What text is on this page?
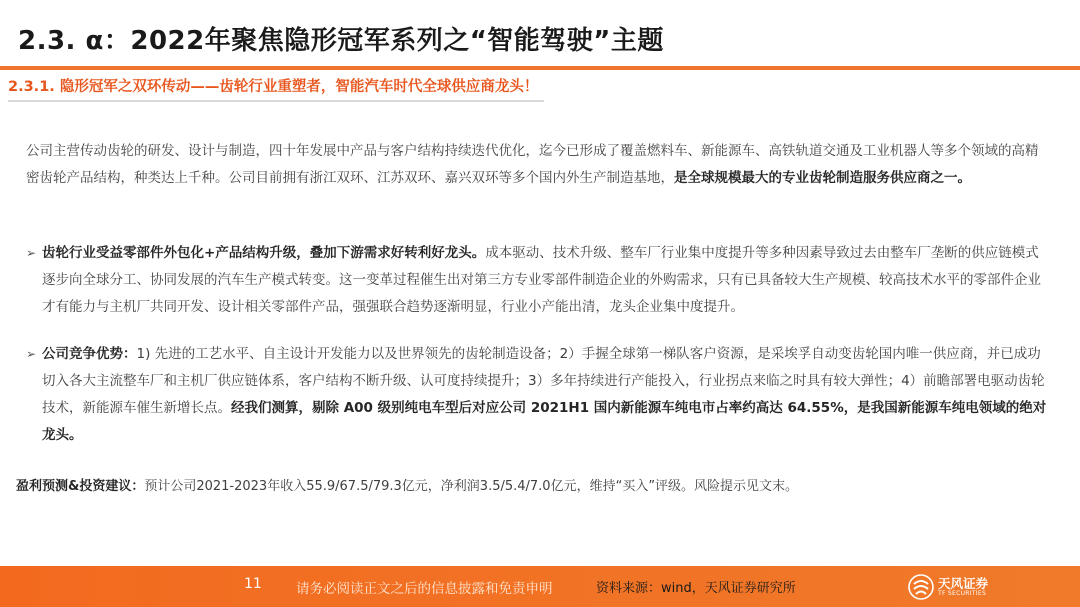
2.3. α：2022年聚焦隐形冠军系列之“智能驾驶”主题
2.3.1. 隐形冠军之双环传动——齿轮行业重塑者，智能汽车时代全球供应商龙头！

公司主营传动齿轮的研发、设计与制造，四十年发展中产品与客户结构持续迭代优化，迄今已形成了覆盖燃料车、新能源车、高铁轨道交通及工业机器人等多个领域的高精密齿轮产品结构，种类达上千种。公司目前拥有浙江双环、江苏双环、嘉兴双环等多个国内外生产制造基地，是全球规模最大的专业齿轮制造服务供应商之一。

➢ 齿轮行业受益零部件外包化+产品结构升级，叠加下游需求好转利好龙头。成本驱动、技术升级、整车厂行业集中度提升等多种因素导致过去由整车厂垄断的供应链模式逐步向全球分工、协同发展的汽车生产模式转变。这一变革过程催生出对第三方专业零部件制造企业的外购需求，只有已具备较大生产规模、较高技术水平的零部件企业才有能力与主机厂共同开发、设计相关零部件产品，强强联合趋势逐渐明显，行业小产能出清，龙头企业集中度提升。
➢ 公司竞争优势：1) 先进的工艺水平、自主设计开发能力以及世界领先的齿轮制造设备；2）手握全球第一梯队客户资源，是采埃孚自动变齿轮国内唯一供应商，并已成功切入各大主流整车厂和主机厂供应链体系，客户结构不断升级、认可度持续提升；3）多年持续进行产能投入，行业拐点来临之时具有较大弹性；4）前瞻部署电驱动齿轮技术，新能源车催生新增长点。经我们测算，剔除 A00 级别纯电车型后对应公司 2021H1 国内新能源车纯电市占率约高达 64.55%，是我国新能源车纯电领域的绝对龙头。

盈利预测&投资建议：预计公司2021-2023年收入55.9/67.5/79.3亿元，净利润3.5/5.4/7.0亿元，维持“买入”评级。风险提示见文末。

11	请务必阅读正文之后的信息披露和免责申明	资料来源：wind，天风证券研究所	天风证券
TF SECURITIES
